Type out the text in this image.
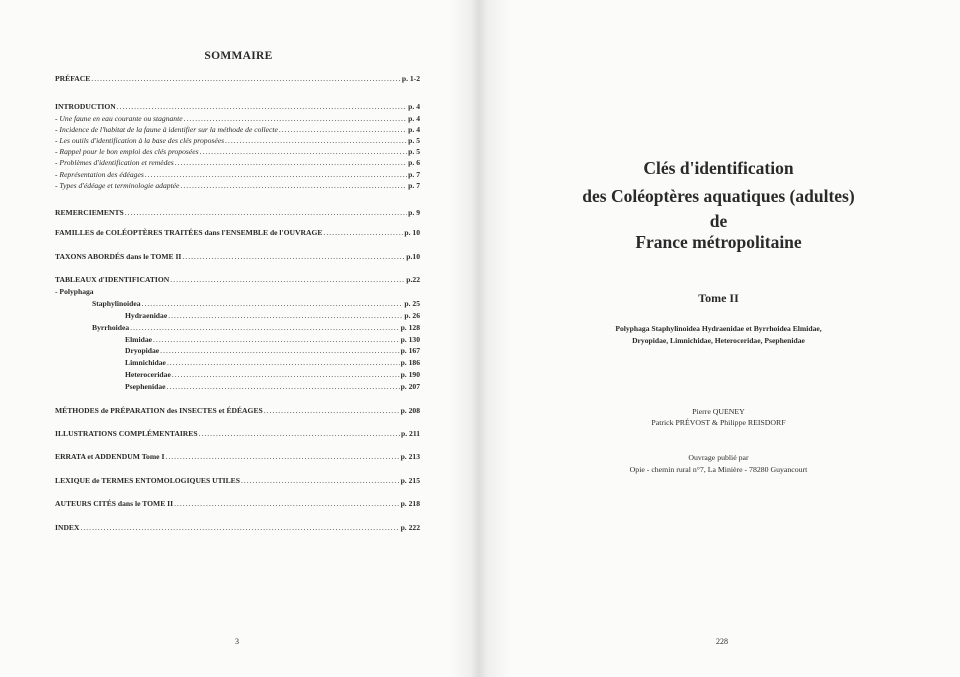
SOMMAIRE
PRÉFACE .....	p. 1-2
INTRODUCTION .....	p. 4
- Une faune en eau courante ou stagnante .....	p. 4
- Incidence de l'habitat de la faune à identifier sur la méthode de collecte .....	p. 4
- Les outils d'identification à la base des clés proposées .....	p. 5
- Rappel pour le bon emploi des clés proposées .....	p. 5
- Problèmes d'identification et remèdes .....	p. 6
- Représentation des édéages .....	p. 7
- Types d'édéage et terminologie adaptée .....	p. 7
REMERCIEMENTS .....	p. 9
FAMILLES de COLÉOPTÈRES TRAITÉES dans l'ENSEMBLE de l'OUVRAGE .....	p. 10
TAXONS ABORDÉS dans le TOME II .....	p.10
TABLEAUX d'IDENTIFICATION .....	p.22
- Polyphaga
Staphylinoidea .....	p. 25
Hydraenidae .....	p. 26
Byrrhoidea .....	p. 128
Elmidae .....	p. 130
Dryopidae .....	p. 167
Limnichidae .....	p. 186
Heteroceridae .....	p. 190
Psephenidae .....	p. 207
MÉTHODES de PRÉPARATION des INSECTES et ÉDÉAGES .....	p. 208
ILLUSTRATIONS COMPLÉMENTAIRES .....	p. 211
ERRATA et ADDENDUM Tome I .....	p. 213
LEXIQUE de TERMES ENTOMOLOGIQUES UTILES .....	p. 215
AUTEURS CITÉS dans le TOME II .....	p. 218
INDEX .....	p. 222
3	228
Clés d'identification
des Coléoptères aquatiques (adultes)
de
France métropolitaine
Tome II
Polyphaga Staphylinoidea Hydraenidae et Byrrhoidea Elmidae,
Dryopidae, Limnichidae, Heteroceridae, Psephenidae
Pierre QUENEY
Patrick PRÉVOST & Philippe REISDORF
Ouvrage publié par
Opie - chemin rural n°7, La Minière - 78280 Guyancourt
